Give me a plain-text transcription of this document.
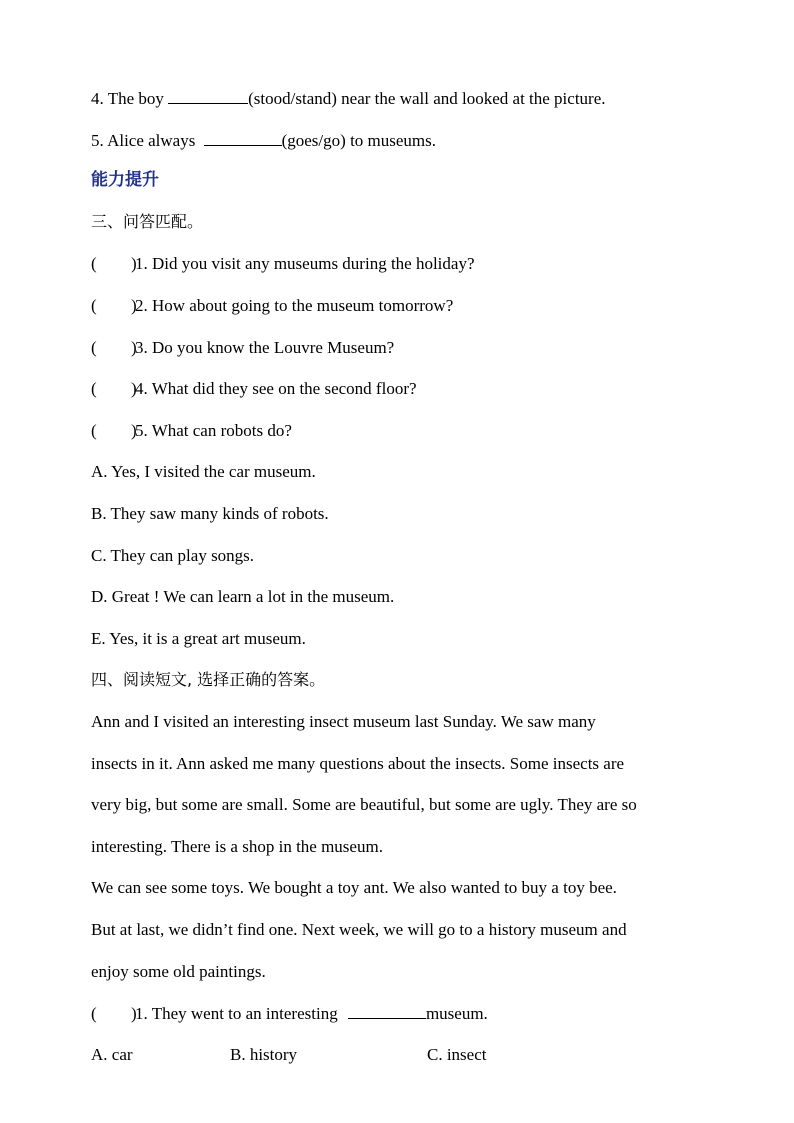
4. The boy	(stood/stand) near the wall and looked at the picture.
5. Alice always	(goes/go) to museums.
能力提升
三、问答匹配。
( )1. Did you visit any museums during the holiday?
( )2. How about going to the museum tomorrow?
( )3. Do you know the Louvre Museum?
( )4. What did they see on the second floor?
( )5. What can robots do?
A. Yes, I visited the car museum.
B. They saw many kinds of robots.
C. They can play songs.
D. Great ! We can learn a lot in the museum.
E. Yes, it is a great art museum.
四、阅读短文, 选择正确的答案。
Ann and I visited an interesting insect museum last Sunday. We saw many
insects in it. Ann asked me many questions about the insects. Some insects are
very big, but some are small. Some are beautiful, but some are ugly. They are so
interesting. There is a shop in the museum.
We can see some toys. We bought a toy ant. We also wanted to buy a toy bee.
But at last, we didn’t find one. Next week, we will go to a history museum and
enjoy some old paintings.
( )1. They went to an interesting	museum.
A. car	B. history	C. insect
